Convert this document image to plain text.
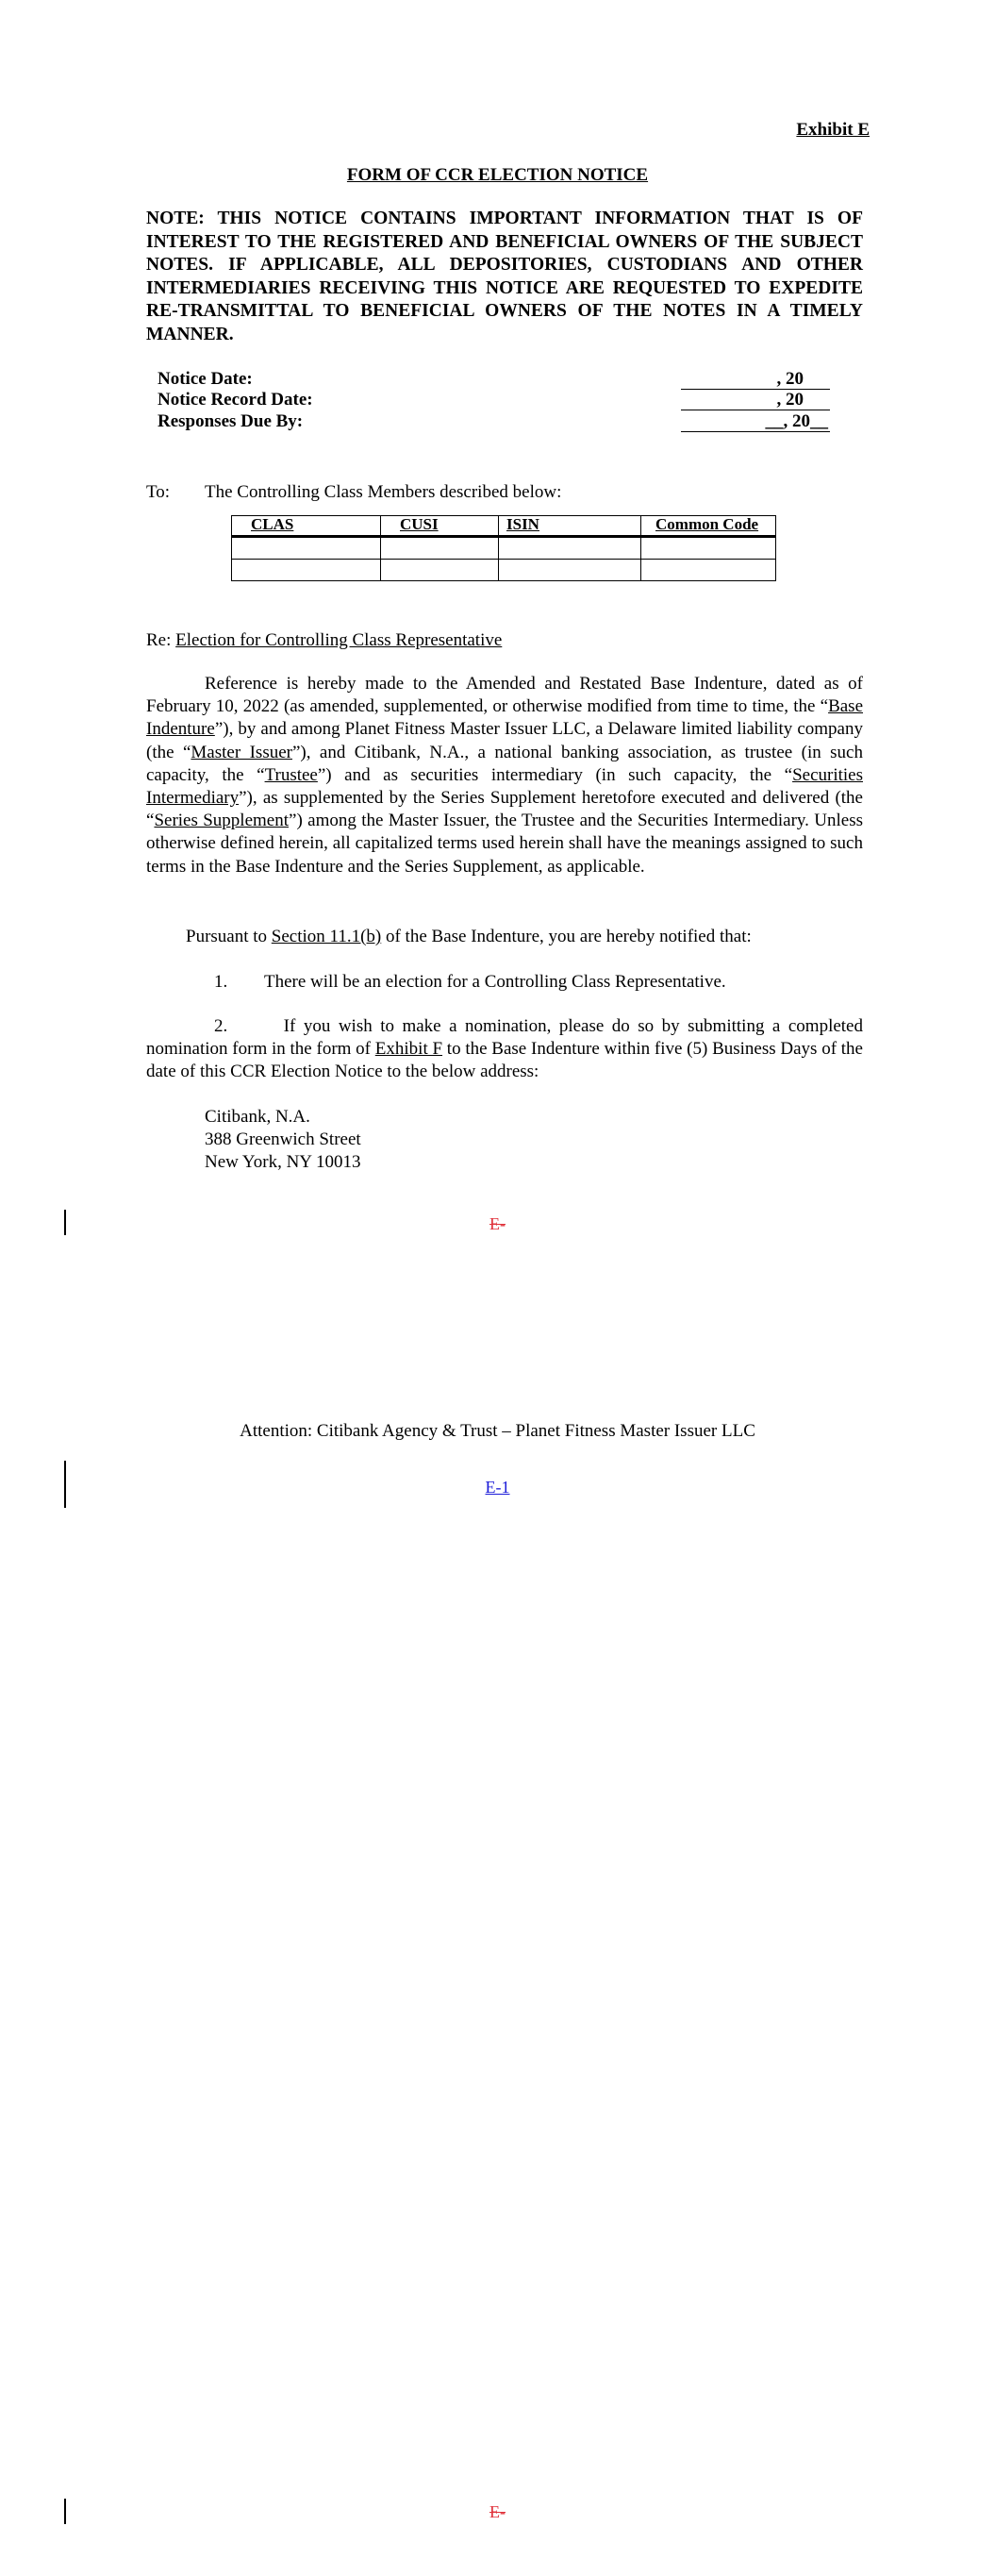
Exhibit E
FORM OF CCR ELECTION NOTICE
NOTE: THIS NOTICE CONTAINS IMPORTANT INFORMATION THAT IS OF INTEREST TO THE REGISTERED AND BENEFICIAL OWNERS OF THE SUBJECT NOTES. IF APPLICABLE, ALL DEPOSITORIES, CUSTODIANS AND OTHER INTERMEDIARIES RECEIVING THIS NOTICE ARE REQUESTED TO EXPEDITE RE-TRANSMITTAL TO BENEFICIAL OWNERS OF THE NOTES IN A TIMELY MANNER.
Notice Date:	, 20
Notice Record Date:	, 20
Responses Due By:	__, 20__
To: The Controlling Class Members described below:
CLAS	CUSI	ISIN	Common Code

Re: Election for Controlling Class Representative
Reference is hereby made to the Amended and Restated Base Indenture, dated as of February 10, 2022 (as amended, supplemented, or otherwise modified from time to time, the “Base Indenture”), by and among Planet Fitness Master Issuer LLC, a Delaware limited liability company (the “Master Issuer”), and Citibank, N.A., a national banking association, as trustee (in such capacity, the “Trustee”) and as securities intermediary (in such capacity, the “Securities Intermediary”), as supplemented by the Series Supplement heretofore executed and delivered (the “Series Supplement”) among the Master Issuer, the Trustee and the Securities Intermediary. Unless otherwise defined herein, all capitalized terms used herein shall have the meanings assigned to such terms in the Base Indenture and the Series Supplement, as applicable.
Pursuant to Section 11.1(b) of the Base Indenture, you are hereby notified that:
1. There will be an election for a Controlling Class Representative.
2.       If you wish to make a nomination, please do so by submitting a completed nomination form in the form of Exhibit F to the Base Indenture within five (5) Business Days of the date of this CCR Election Notice to the below address:
Citibank, N.A.
388 Greenwich Street
New York, NY 10013
E-
Attention: Citibank Agency & Trust – Planet Fitness Master Issuer LLC
E-1
E-
